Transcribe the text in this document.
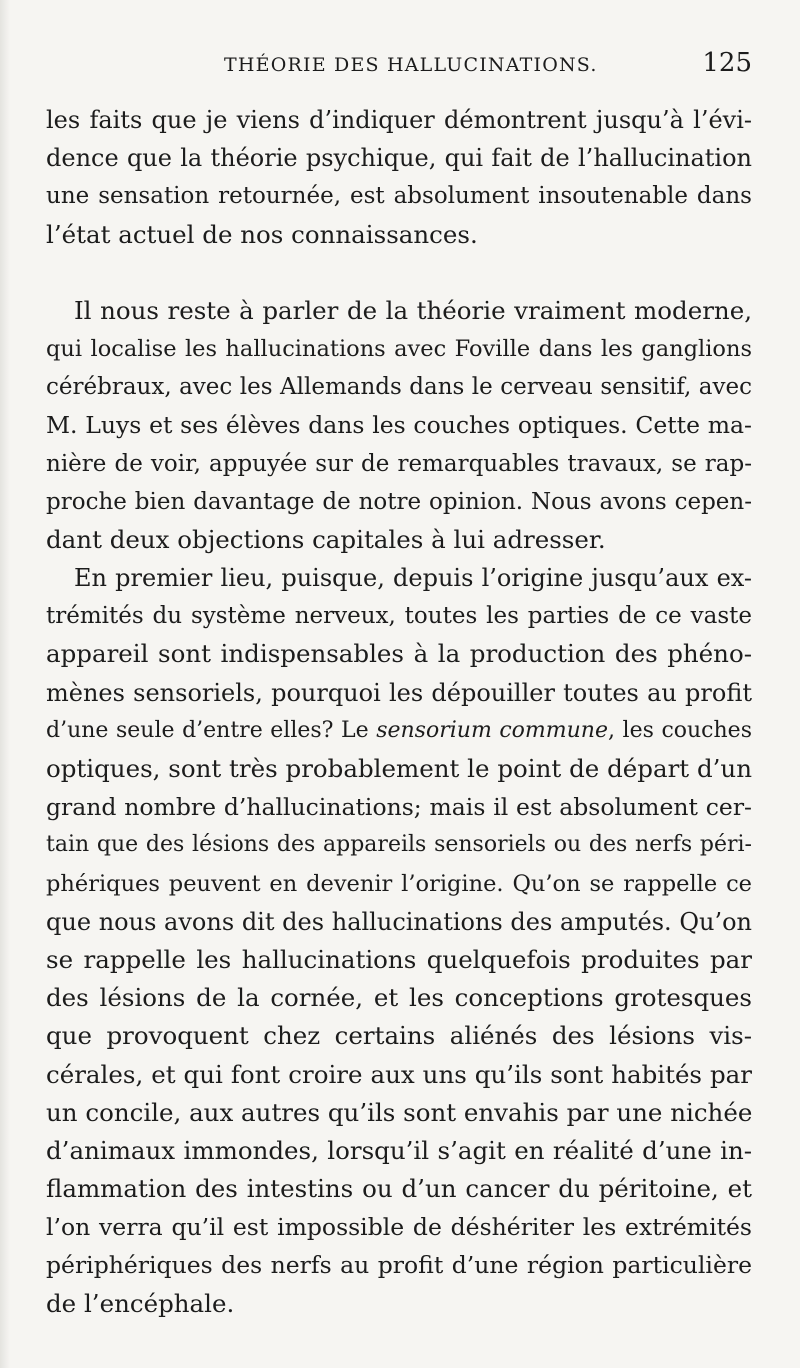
THÉORIE DES HALLUCINATIONS.	125
les faits que je viens d’indiquer démontrent jusqu’à l’évi-
dence que la théorie psychique, qui fait de l’hallucination
une sensation retournée, est absolument insoutenable dans
l’état actuel de nos connaissances.
Il nous reste à parler de la théorie vraiment moderne,
qui localise les hallucinations avec Foville dans les ganglions
cérébraux, avec les Allemands dans le cerveau sensitif, avec
M. Luys et ses élèves dans les couches optiques. Cette ma-
nière de voir, appuyée sur de remarquables travaux, se rap-
proche bien davantage de notre opinion. Nous avons cepen-
dant deux objections capitales à lui adresser.
En premier lieu, puisque, depuis l’origine jusqu’aux ex-
trémités du système nerveux, toutes les parties de ce vaste
appareil sont indispensables à la production des phéno-
mènes sensoriels, pourquoi les dépouiller toutes au profit
d’une seule d’entre elles? Le sensorium commune, les couches
optiques, sont très probablement le point de départ d’un
grand nombre d’hallucinations; mais il est absolument cer-
tain que des lésions des appareils sensoriels ou des nerfs péri-
phériques peuvent en devenir l’origine. Qu’on se rappelle ce
que nous avons dit des hallucinations des amputés. Qu’on
se rappelle les hallucinations quelquefois produites par
des lésions de la cornée, et les conceptions grotesques
que provoquent chez certains aliénés des lésions vis-
cérales, et qui font croire aux uns qu’ils sont habités par
un concile, aux autres qu’ils sont envahis par une nichée
d’animaux immondes, lorsqu’il s’agit en réalité d’une in-
flammation des intestins ou d’un cancer du péritoine, et
l’on verra qu’il est impossible de déshériter les extrémités
périphériques des nerfs au profit d’une région particulière
de l’encéphale.
